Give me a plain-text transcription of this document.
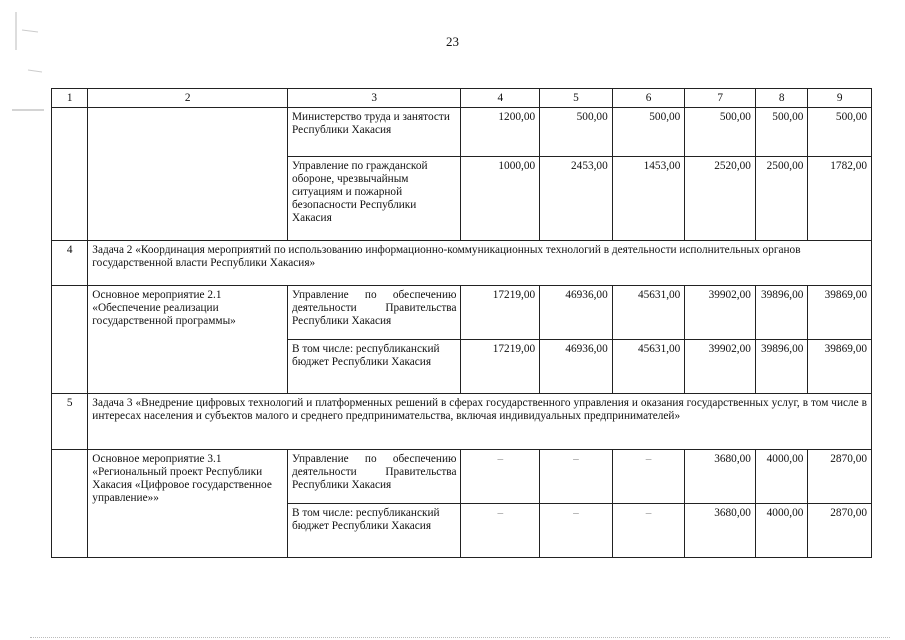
23
1	2	3	4	5	6	7	8	9
		Министерство труда и занятости Республики Хакасия	1200,00	500,00	500,00	500,00	500,00	500,00
		Управление по гражданской обороне, чрезвычайным ситуациям и пожарной безопасности Республики Хакасия	1000,00	2453,00	1453,00	2520,00	2500,00	1782,00
4	Задача 2 «Координация мероприятий по использованию информационно-коммуникационных технологий в деятельности исполнительных органов государственной власти Республики Хакасия»							
	Основное мероприятие 2.1 «Обеспечение реализации государственной программы»	Управление по обеспечению деятельности Правительства Республики Хакасия	17219,00	46936,00	45631,00	39902,00	39896,00	39869,00
		В том числе: республиканский бюджет Республики Хакасия	17219,00	46936,00	45631,00	39902,00	39896,00	39869,00
5	Задача 3 «Внедрение цифровых технологий и платформенных решений в сферах государственного управления и оказания государственных услуг, в том числе в интересах населения и субъектов малого и среднего предпринимательства, включая индивидуальных предпринимателей»							
	Основное мероприятие 3.1 «Региональный проект Республики Хакасия «Цифровое государственное управление»»	Управление по обеспечению деятельности Правительства Республики Хакасия	–	–	–	3680,00	4000,00	2870,00
		В том числе: республиканский бюджет Республики Хакасия	–	–	–	3680,00	4000,00	2870,00
